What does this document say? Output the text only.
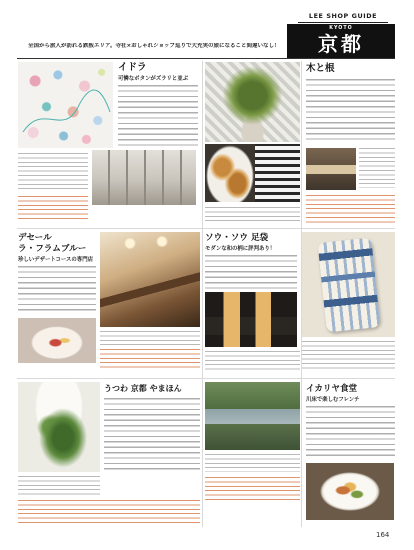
LEE SHOP GUIDE
KYOTO
京都
全国から旅人が訪れる鉄板エリア。寺社×おしゃれショップ巡りで大充実の旅になること間違いなし！
イドラ
可憐なボタンがズラリと並ぶ
木と根
デセール
ラ・フラムブルー
珍しいデザートコースの専門店
ソウ・ソウ 足袋
モダンな和の柄に評判あり！
うつわ 京都 やまほん	イカリヤ食堂
川床で楽しむフレンチ
164
